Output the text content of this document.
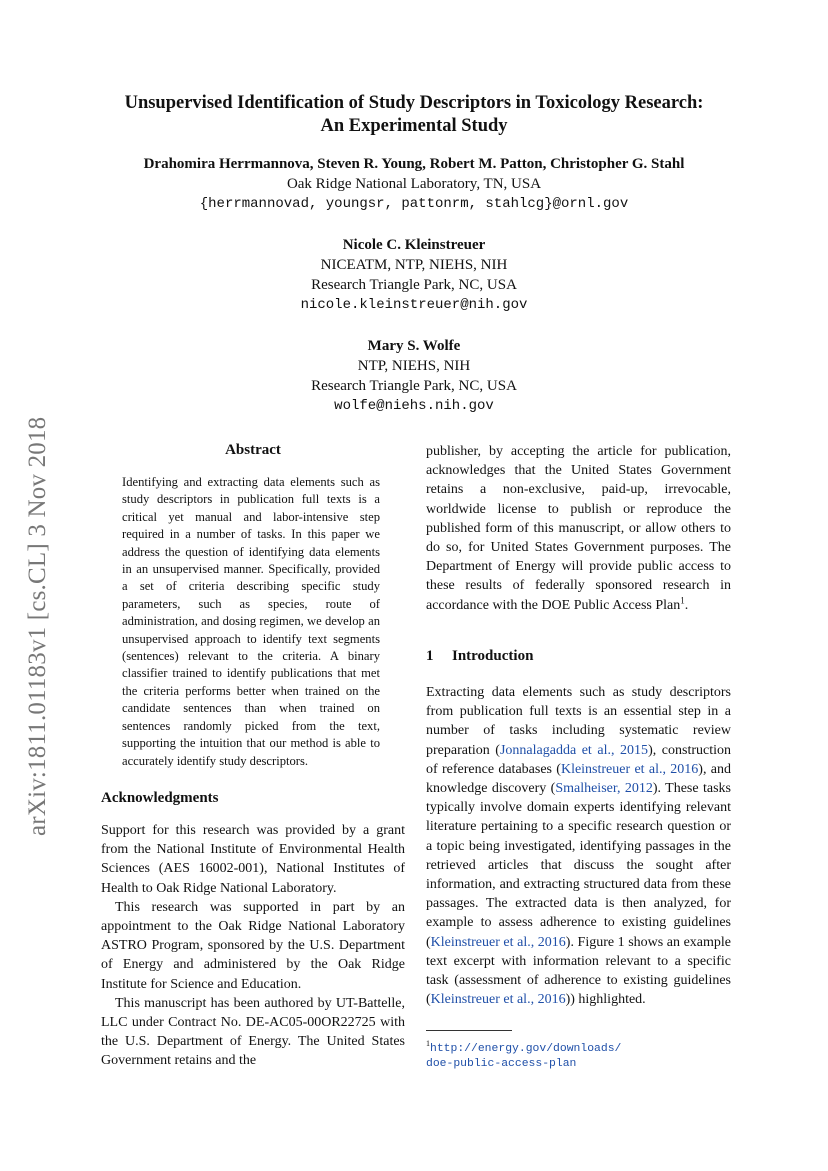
arXiv:1811.01183v1 [cs.CL] 3 Nov 2018
Unsupervised Identification of Study Descriptors in Toxicology Research:
An Experimental Study
Drahomira Herrmannova, Steven R. Young, Robert M. Patton, Christopher G. Stahl
Oak Ridge National Laboratory, TN, USA
{herrmannovad, youngsr, pattonrm, stahlcg}@ornl.gov
Nicole C. Kleinstreuer
NICEATM, NTP, NIEHS, NIH
Research Triangle Park, NC, USA
nicole.kleinstreuer@nih.gov
Mary S. Wolfe
NTP, NIEHS, NIH
Research Triangle Park, NC, USA
wolfe@niehs.nih.gov
Abstract

Identifying and extracting data elements such as study descriptors in publication full texts is a critical yet manual and labor-intensive step required in a number of tasks. In this paper we address the question of identifying data elements in an unsupervised manner. Specifically, provided a set of criteria describing specific study parameters, such as species, route of administration, and dosing regimen, we develop an unsupervised approach to identify text segments (sentences) relevant to the criteria. A binary classifier trained to identify publications that met the criteria performs better when trained on the candidate sentences than when trained on sentences randomly picked from the text, supporting the intuition that our method is able to accurately identify study descriptors.

Acknowledgments

Support for this research was provided by a grant from the National Institute of Environmental Health Sciences (AES 16002-001), National Institutes of Health to Oak Ridge National Laboratory.

This research was supported in part by an appointment to the Oak Ridge National Laboratory ASTRO Program, sponsored by the U.S. Department of Energy and administered by the Oak Ridge Institute for Science and Education.

This manuscript has been authored by UT-Battelle, LLC under Contract No. DE-AC05-00OR22725 with the U.S. Department of Energy. The United States Government retains and the

publisher, by accepting the article for publication, acknowledges that the United States Government retains a non-exclusive, paid-up, irrevocable, worldwide license to publish or reproduce the published form of this manuscript, or allow others to do so, for United States Government purposes. The Department of Energy will provide public access to these results of federally sponsored research in accordance with the DOE Public Access Plan$^1$.

1 Introduction

Extracting data elements such as study descriptors from publication full texts is an essential step in a number of tasks including systematic review preparation (Jonnalagadda et al., 2015), construction of reference databases (Kleinstreuer et al., 2016), and knowledge discovery (Smalheiser, 2012). These tasks typically involve domain experts identifying relevant literature pertaining to a specific research question or a topic being investigated, identifying passages in the retrieved articles that discuss the sought after information, and extracting structured data from these passages. The extracted data is then analyzed, for example to assess adherence to existing guidelines (Kleinstreuer et al., 2016). Figure 1 shows an example text excerpt with information relevant to a specific task (assessment of adherence to existing guidelines (Kleinstreuer et al., 2016)) highlighted.

$^1$http://energy.gov/downloads/
doe-public-access-plan
